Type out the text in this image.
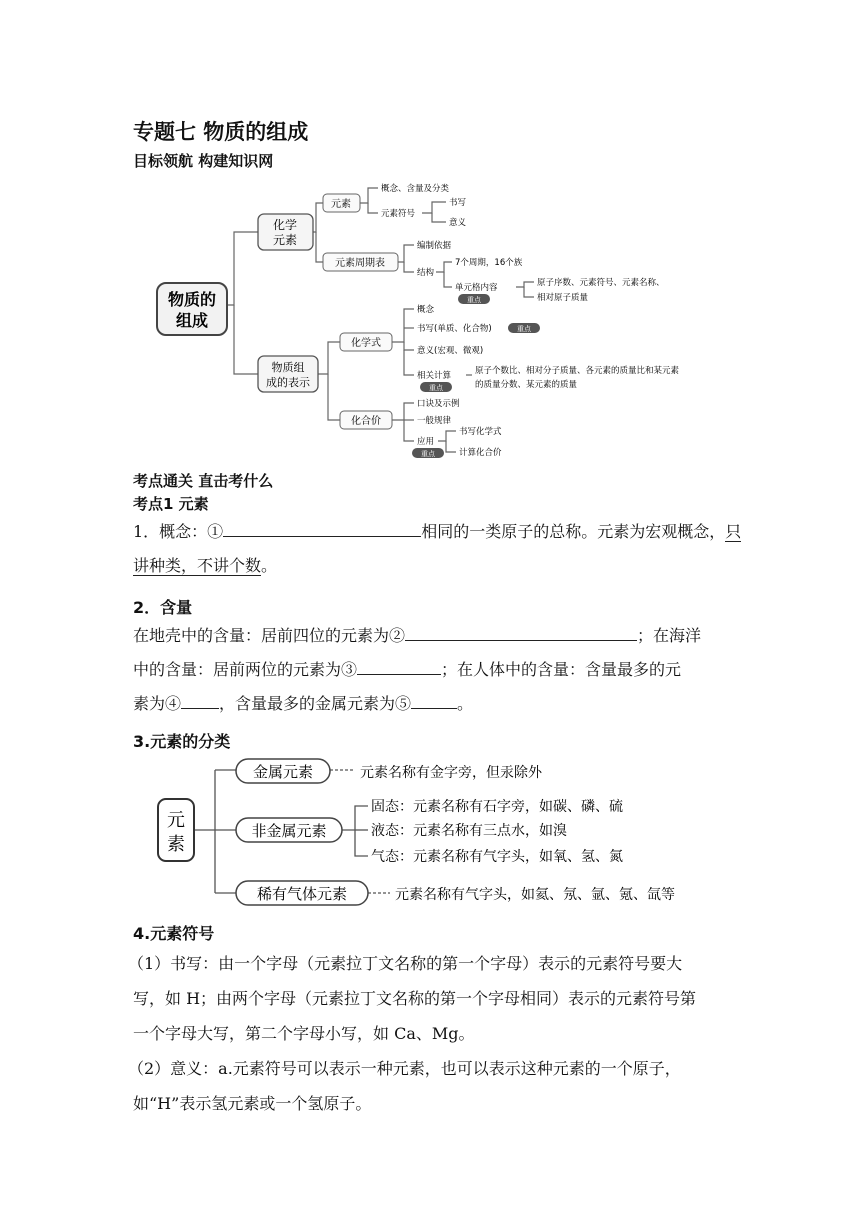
专题七 物质的组成
目标领航 构建知识网
物质的
组成
化学
元素
物质组
成的表示
元素
概念、含量及分类
元素符号
书写
意义
元素周期表
编制依据
结构
7个周期，16个族
单元格内容
重点
原子序数、元素符号、元素名称、
相对原子质量
化学式
概念
书写(单质、化合物)	重点
意义(宏观、微观)
相关计算
重点
原子个数比、相对分子质量、各元素的质量比和某元素
的质量分数、某元素的质量
化合价
口诀及示例
一般规律
应用
重点
书写化学式
计算化合价
考点通关 直击考什么
考点1 元素
1．概念：①	相同的一类原子的总称。元素为宏观概念，只
讲种类，不讲个数。
2．含量
在地壳中的含量：居前四位的元素为②	；在海洋
中的含量：居前两位的元素为③	；在人体中的含量：含量最多的元
素为④ ，含量最多的金属元素为⑤	。
3.元素的分类
元
素
金属元素	元素名称有金字旁，但汞除外
非金属元素
固态：元素名称有石字旁，如碳、磷、硫
液态：元素名称有三点水，如溴
气态：元素名称有气字头，如氧、氢、氮
稀有气体元素	元素名称有气字头，如氦、氖、氩、氪、氙等
4.元素符号
（1）书写：由一个字母（元素拉丁文名称的第一个字母）表示的元素符号要大
写，如 H；由两个字母（元素拉丁文名称的第一个字母相同）表示的元素符号第
一个字母大写，第二个字母小写，如 Ca、Mg。
（2）意义：a.元素符号可以表示一种元素，也可以表示这种元素的一个原子，
如“H”表示氢元素或一个氢原子。
